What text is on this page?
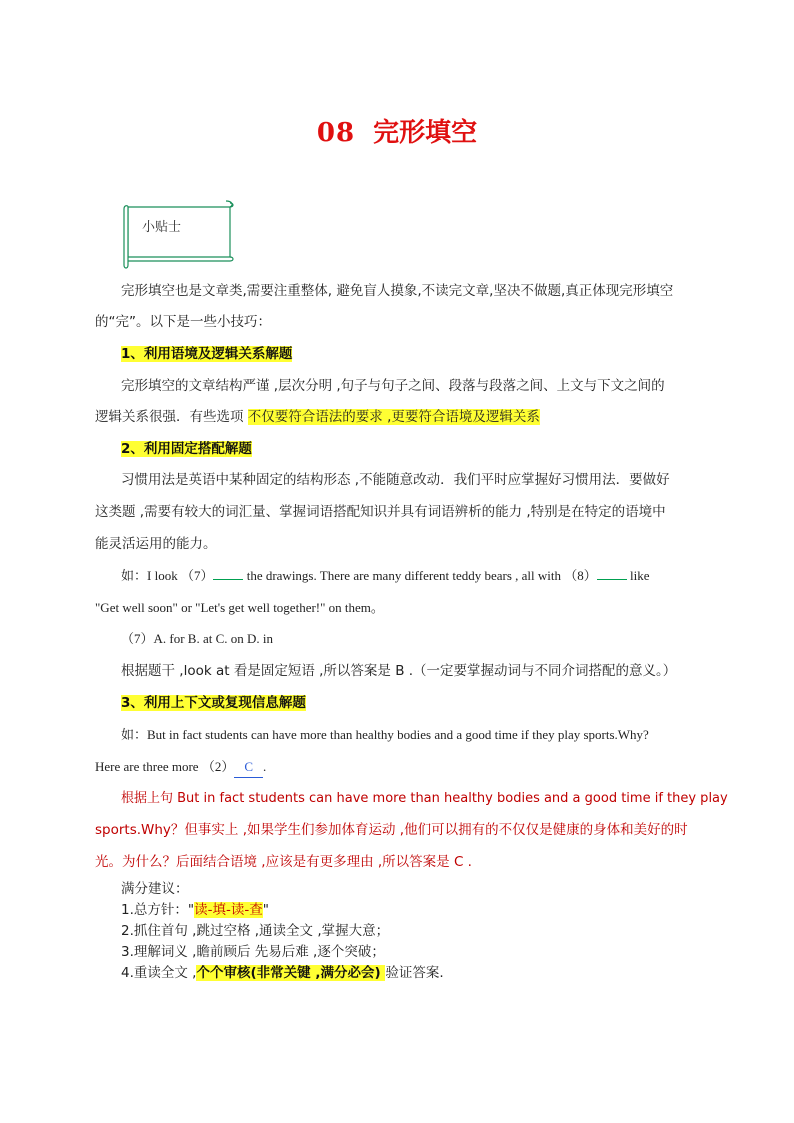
08 完形填空
小贴士
完形填空也是文章类,需要注重整体, 避免盲人摸象,不读完文章,坚决不做题,真正体现完形填空
的“完”。以下是一些小技巧：
1、利用语境及逻辑关系解题
完形填空的文章结构严谨 ,层次分明 ,句子与句子之间、段落与段落之间、上文与下文之间的
逻辑关系很强．有些选项 不仅要符合语法的要求 ,更要符合语境及逻辑关系
2、利用固定搭配解题
习惯用法是英语中某种固定的结构形态 ,不能随意改动．我们平时应掌握好习惯用法．要做好
这类题 ,需要有较大的词汇量、掌握词语搭配知识并具有词语辨析的能力 ,特别是在特定的语境中
能灵活运用的能力。
如：I look （7） the drawings. There are many different teddy bears , all with （8） like
"Get well soon" or "Let's get well together!" on them。
（7）A. for B. at C. on D. in
根据题干 ,look at 看是固定短语 ,所以答案是 B .（一定要掌握动词与不同介词搭配的意义。）
3、利用上下文或复现信息解题
如：But in fact students can have more than healthy bodies and a good time if they play sports.Why?
Here are three more （2） C .
根据上句 But in fact students can have more than healthy bodies and a good time if they play
sports.Why？但事实上 ,如果学生们参加体育运动 ,他们可以拥有的不仅仅是健康的身体和美好的时
光。为什么？后面结合语境 ,应该是有更多理由 ,所以答案是 C .
满分建议：
1.总方针："读-填-读-查"
2.抓住首句 ,跳过空格 ,通读全文 ,掌握大意；
3.理解词义 ,瞻前顾后 先易后难 ,逐个突破；
4.重读全文 ,个个审核(非常关键 ,满分必会) 验证答案.
